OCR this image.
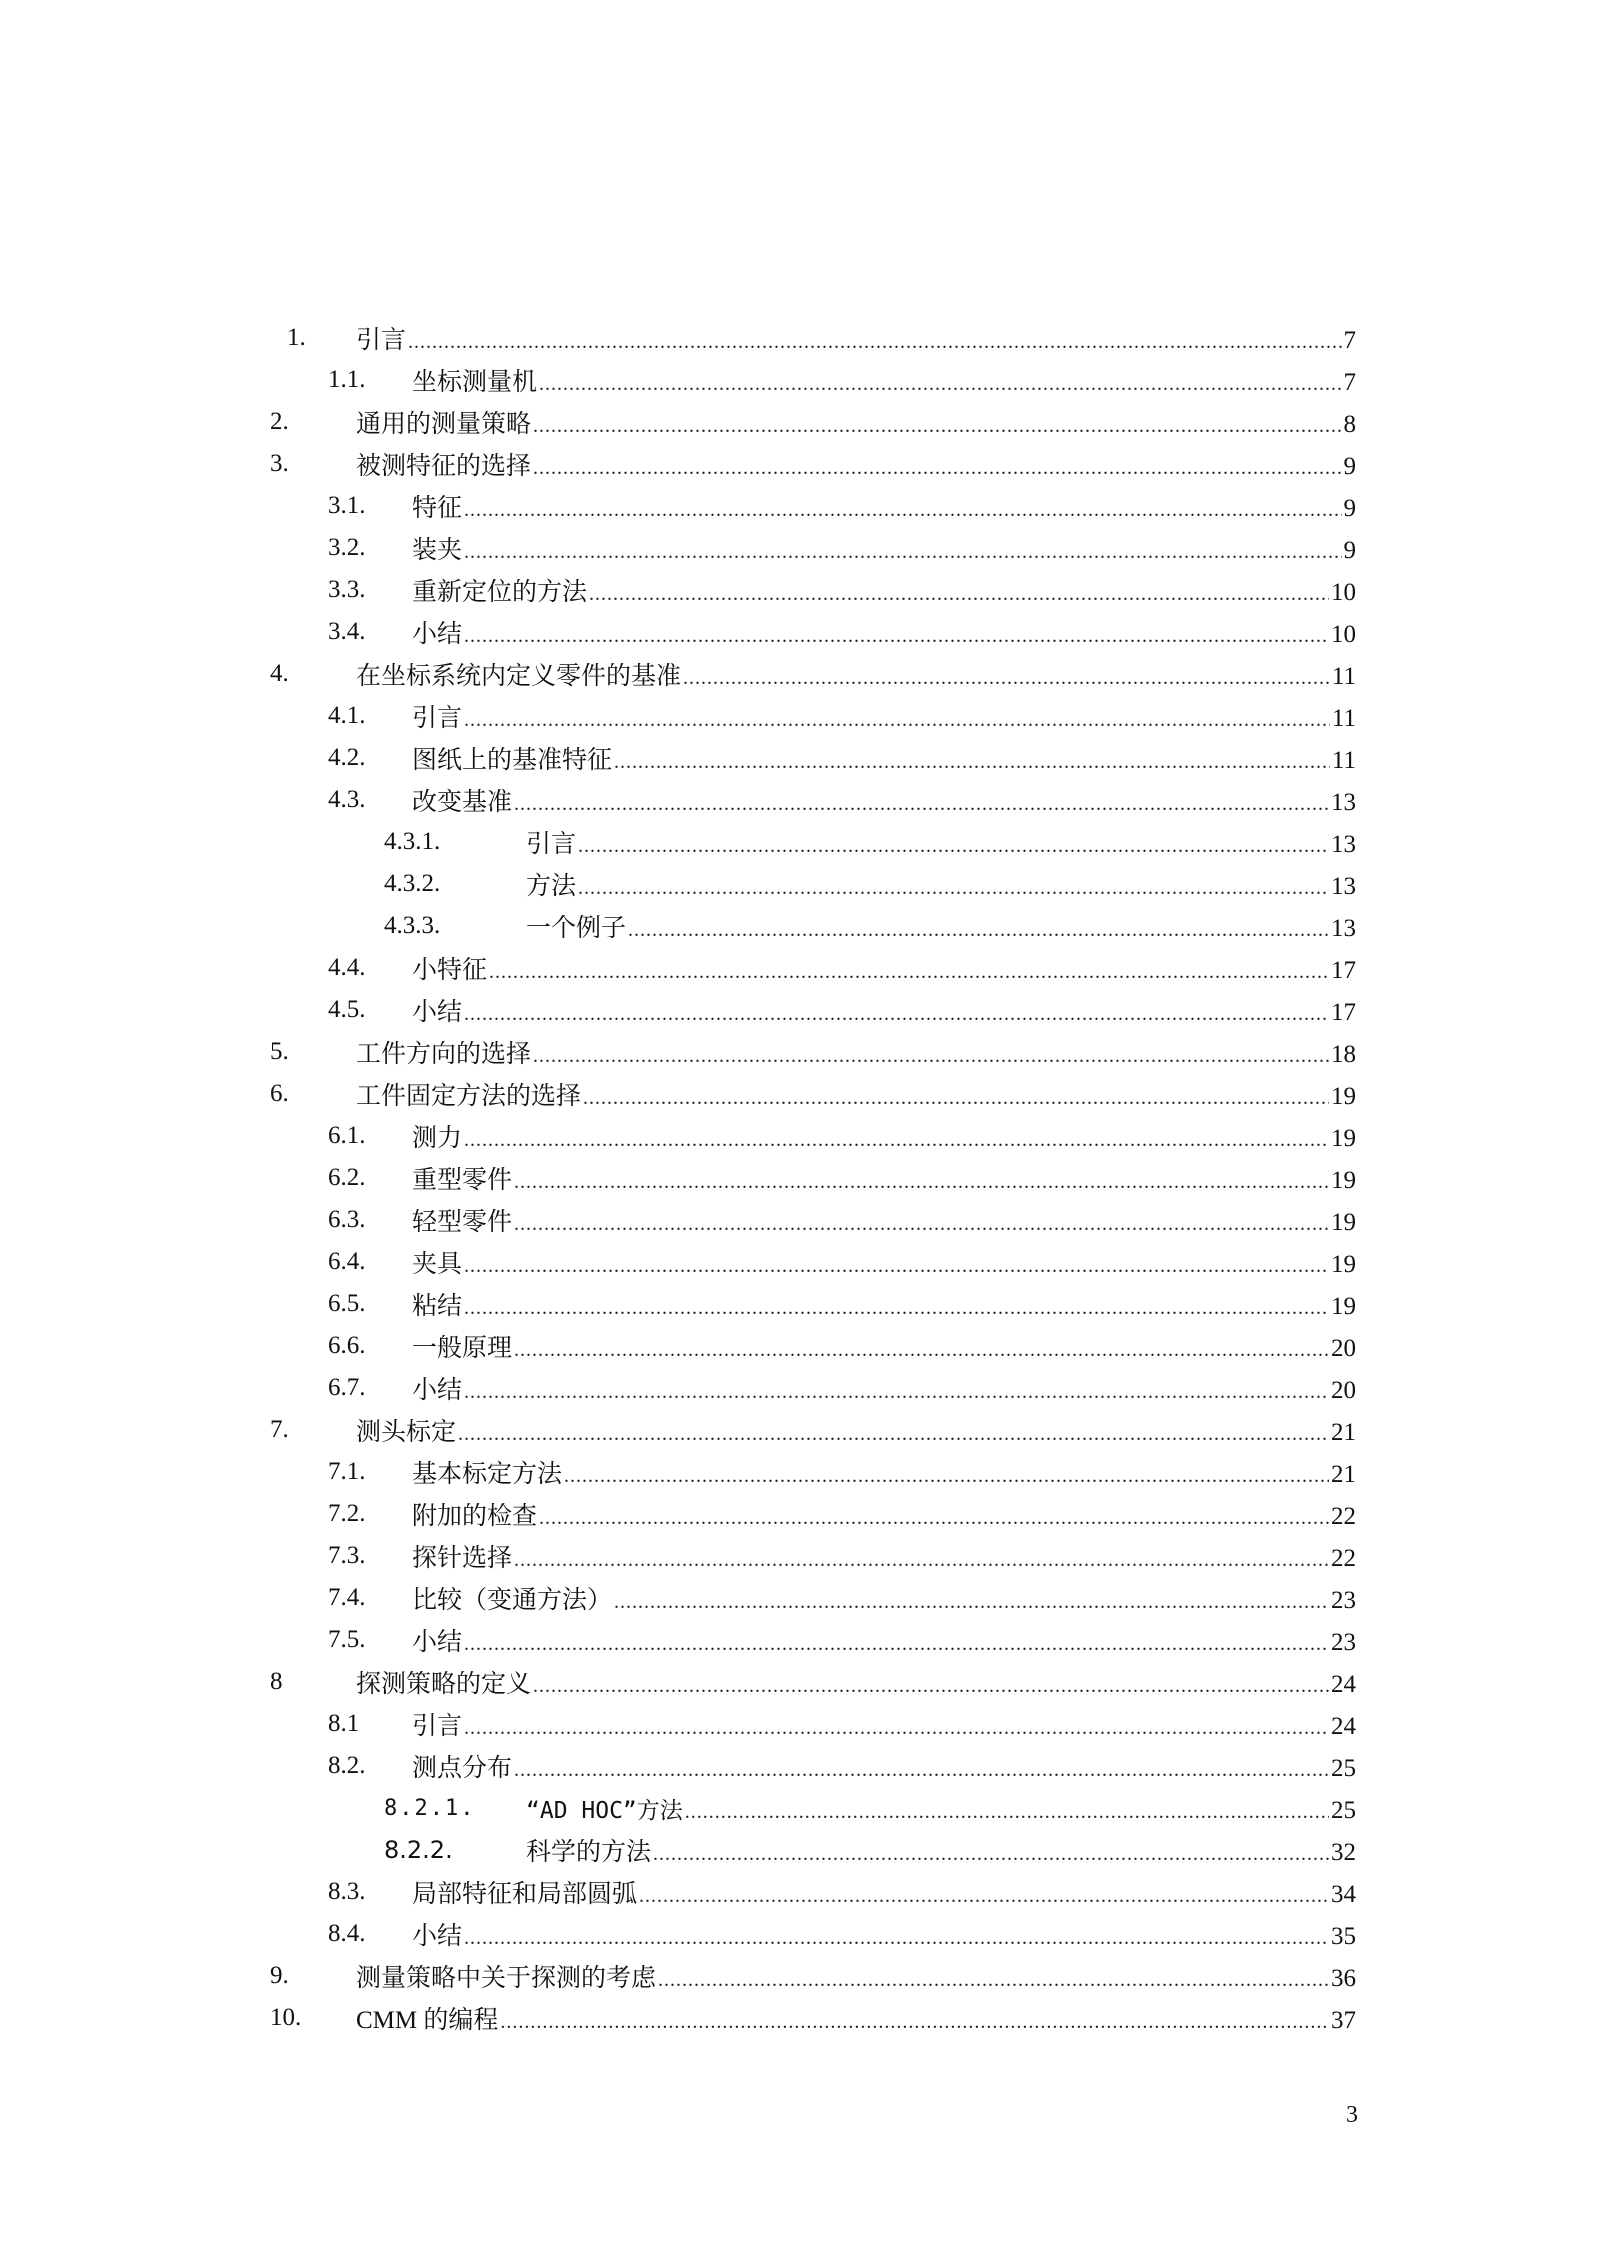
1. 引言 .....	7
1.1. 坐标测量机 .....	7
2.	通用的测量策略 .....	8
3.	被测特征的选择 .....	9
3.1. 特征 .....	9
3.2. 装夹 .....	9
3.3. 重新定位的方法 .....	10
3.4. 小结 .....	10
4.	在坐标系统内定义零件的基准 .....	11
4.1. 引言 .....	11
4.2. 图纸上的基准特征 .....	11
4.3. 改变基准 .....	13
4.3.1.	引言 .....	13
4.3.2.	方法 .....	13
4.3.3.	一个例子 .....	13
4.4. 小特征 .....	17
4.5. 小结 .....	17
5.	工件方向的选择 .....	18
6.	工件固定方法的选择 .....	19
6.1. 测力 .....	19
6.2. 重型零件 .....	19
6.3. 轻型零件 .....	19
6.4. 夹具 .....	19
6.5. 粘结 .....	19
6.6. 一般原理 .....	20
6.7. 小结 .....	20
7.	测头标定 .....	21
7.1. 基本标定方法 .....	21
7.2. 附加的检查 .....	22
7.3. 探针选择 .....	22
7.4. 比较（变通方法） .....	23
7.5. 小结 .....	23
8	探测策略的定义 .....	24
8.1 引言 .....	24
8.2. 测点分布 .....	25
8.2.1. “AD HOC”方法 .....	25
8.2.2.	科学的方法 .....	32
8.3. 局部特征和局部圆弧 .....	34
8.4. 小结 .....	35
9.	测量策略中关于探测的考虑 .....	36
10. CMM 的编程 .....	37
3
